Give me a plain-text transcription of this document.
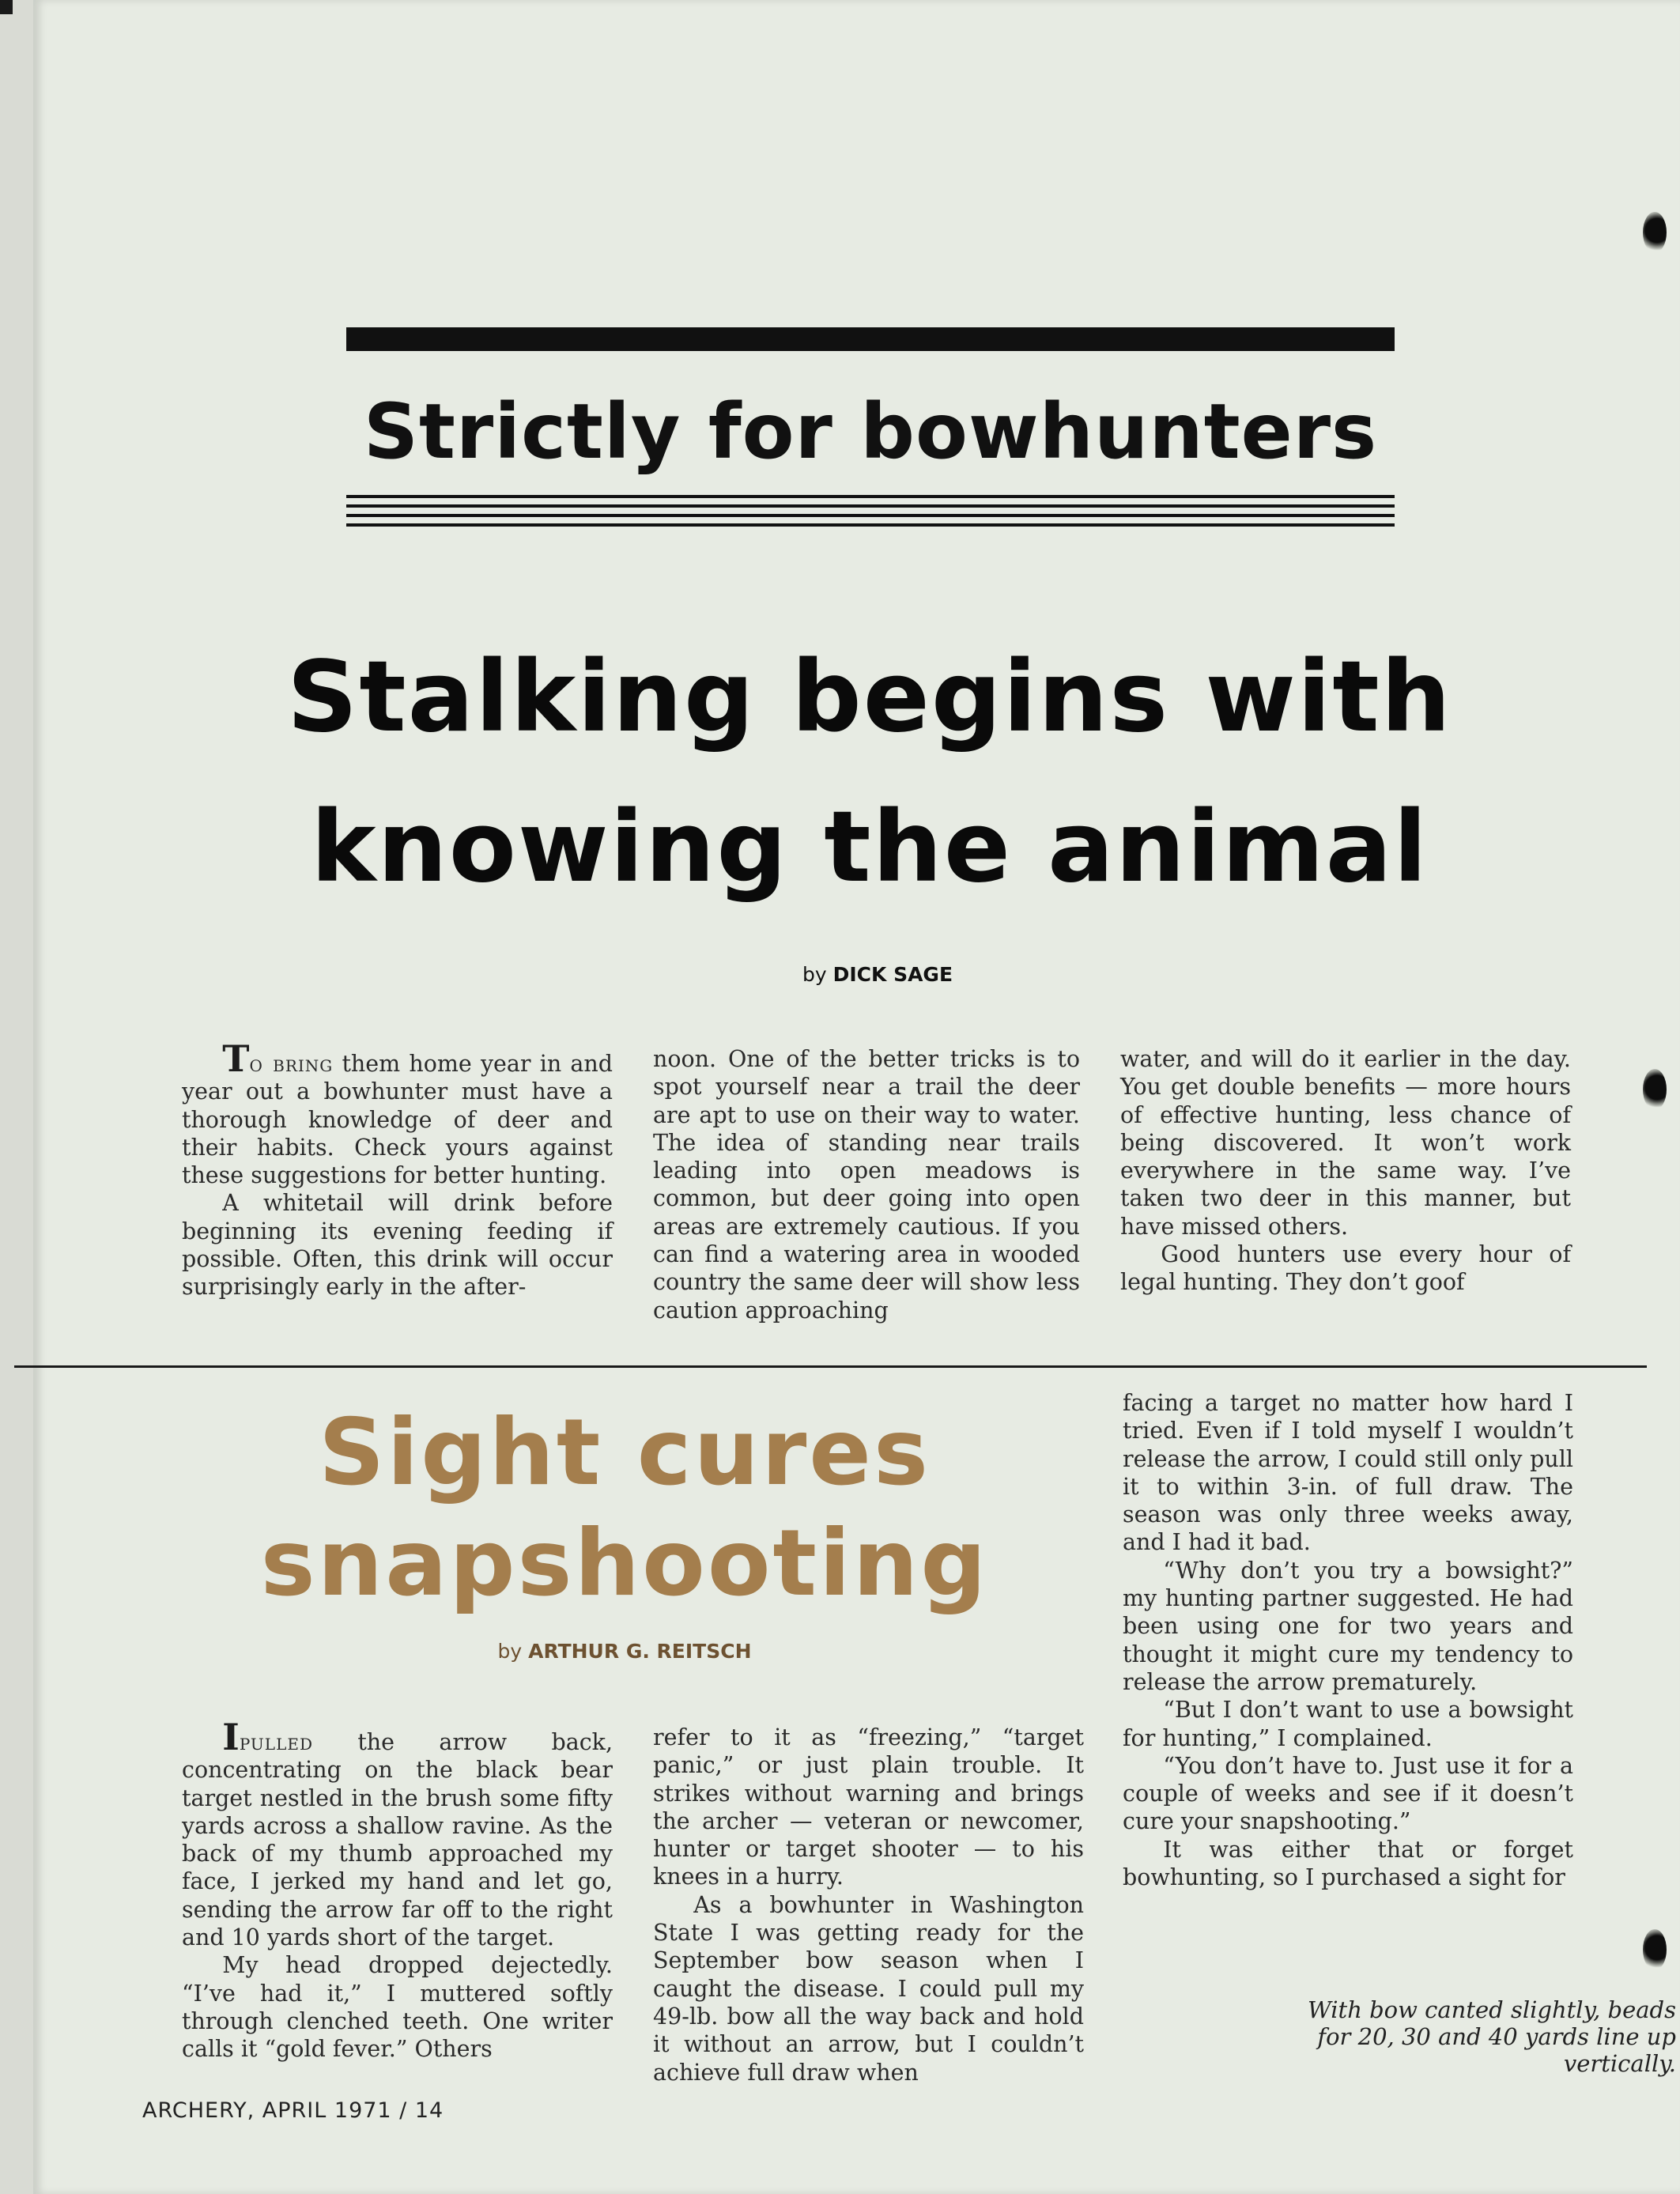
Strictly for bowhunters
Stalking begins with
knowing the animal
by DICK SAGE

To bring them home year in and year out a bowhunter must have a thorough knowledge of deer and their habits. Check yours against these suggestions for better hunting.

A whitetail will drink before beginning its evening feeding if possible. Often, this drink will occur surprisingly early in the after-

noon. One of the better tricks is to spot yourself near a trail the deer are apt to use on their way to water. The idea of standing near trails leading into open meadows is common, but deer going into open areas are extremely cautious. If you can find a watering area in wooded country the same deer will show less caution approaching

water, and will do it earlier in the day. You get double benefits — more hours of effective hunting, less chance of being discovered. It won’t work everywhere in the same way. I’ve taken two deer in this manner, but have missed others.

Good hunters use every hour of legal hunting. They don’t goof

Sight cures
snapshooting
by ARTHUR G. REITSCH

Ipulled the arrow back, concentrating on the black bear target nestled in the brush some fifty yards across a shallow ravine. As the back of my thumb approached my face, I jerked my hand and let go, sending the arrow far off to the right and 10 yards short of the target.

My head dropped dejectedly. “I’ve had it,” I muttered softly through clenched teeth. One writer calls it “gold fever.” Others

refer to it as “freezing,” “target panic,” or just plain trouble. It strikes without warning and brings the archer — veteran or newcomer, hunter or target shooter — to his knees in a hurry.

As a bowhunter in Washington State I was getting ready for the September bow season when I caught the disease. I could pull my 49-lb. bow all the way back and hold it without an arrow, but I couldn’t achieve full draw when

facing a target no matter how hard I tried. Even if I told myself I wouldn’t release the arrow, I could still only pull it to within 3-in. of full draw. The season was only three weeks away, and I had it bad.

“Why don’t you try a bowsight?” my hunting partner suggested. He had been using one for two years and thought it might cure my tendency to release the arrow prematurely.

“But I don’t want to use a bowsight for hunting,” I complained.

“You don’t have to. Just use it for a couple of weeks and see if it doesn’t cure your snapshooting.”

It was either that or forget bowhunting, so I purchased a sight for

With bow canted slightly, beads for 20, 30 and 40 yards line up vertically.
ARCHERY, APRIL 1971 / 14
